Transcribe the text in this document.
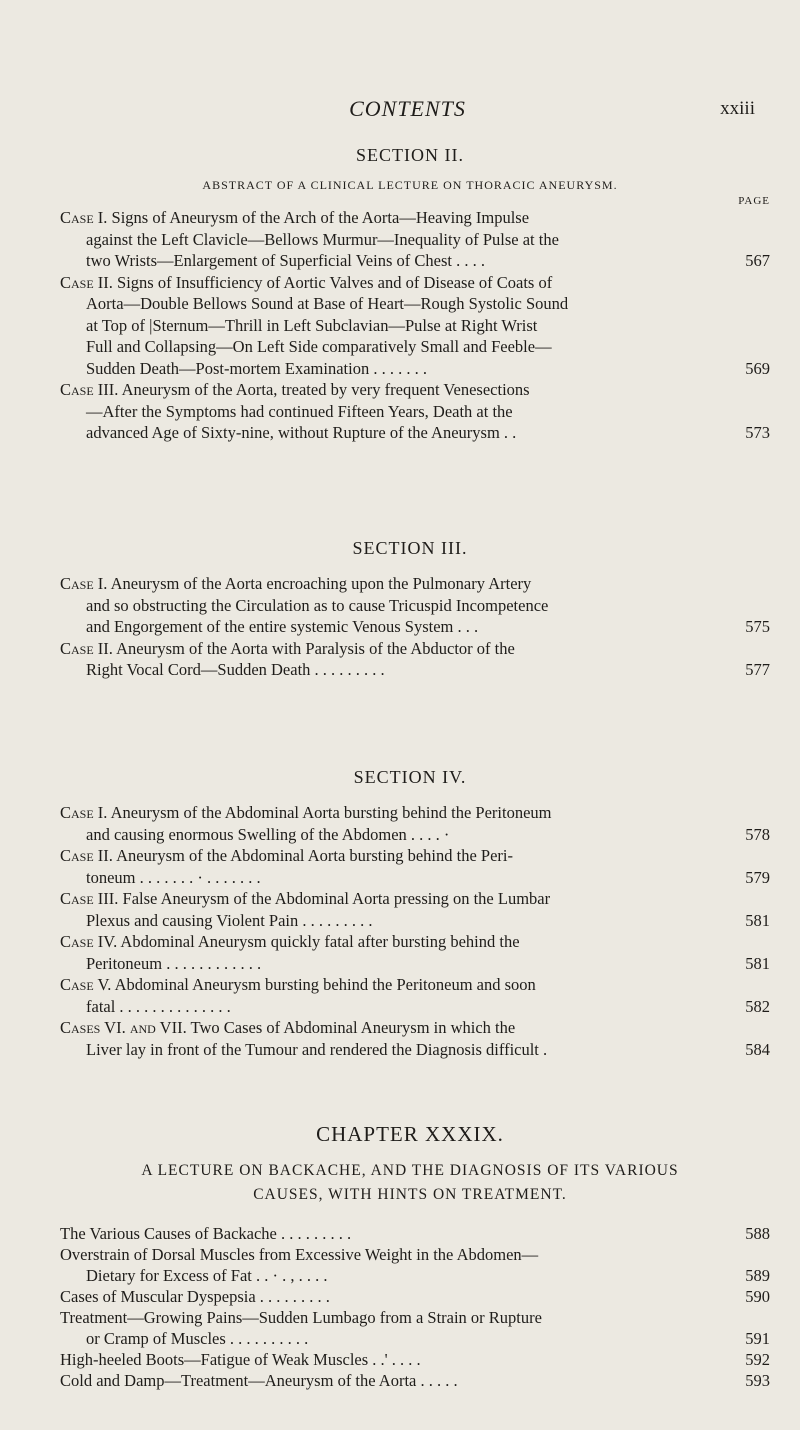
CONTENTS	xxiii
SECTION II.
ABSTRACT OF A CLINICAL LECTURE ON THORACIC ANEURYSM.
PAGE
Case I. Signs of Aneurysm of the Arch of the Aorta—Heaving Impulse
against the Left Clavicle—Bellows Murmur—Inequality of Pulse at the
two Wrists—Enlargement of Superficial Veins of Chest . . . .	567
Case II. Signs of Insufficiency of Aortic Valves and of Disease of Coats of
Aorta—Double Bellows Sound at Base of Heart—Rough Systolic Sound
at Top of |Sternum—Thrill in Left Subclavian—Pulse at Right Wrist
Full and Collapsing—On Left Side comparatively Small and Feeble—
Sudden Death—Post-mortem Examination . . . . . . .	569
Case III. Aneurysm of the Aorta, treated by very frequent Venesections
—After the Symptoms had continued Fifteen Years, Death at the
advanced Age of Sixty-nine, without Rupture of the Aneurysm . .	573
SECTION III.
Case I. Aneurysm of the Aorta encroaching upon the Pulmonary Artery
and so obstructing the Circulation as to cause Tricuspid Incompetence
and Engorgement of the entire systemic Venous System . . .	575
Case II. Aneurysm of the Aorta with Paralysis of the Abductor of the
Right Vocal Cord—Sudden Death . . . . . . . . .	577
SECTION IV.
Case I. Aneurysm of the Abdominal Aorta bursting behind the Peritoneum
and causing enormous Swelling of the Abdomen . . . . ·	578
Case II. Aneurysm of the Abdominal Aorta bursting behind the Peri-
toneum . . . . . . . · . . . . . . .	579
Case III. False Aneurysm of the Abdominal Aorta pressing on the Lumbar
Plexus and causing Violent Pain . . . . . . . . .	581
Case IV. Abdominal Aneurysm quickly fatal after bursting behind the
Peritoneum . . . . . . . . . . . .	581
Case V. Abdominal Aneurysm bursting behind the Peritoneum and soon
fatal . . . . . . . . . . . . . .	582
Cases VI. and VII. Two Cases of Abdominal Aneurysm in which the
Liver lay in front of the Tumour and rendered the Diagnosis difficult .	584
CHAPTER XXXIX.
A LECTURE ON BACKACHE, AND THE DIAGNOSIS OF ITS VARIOUS
CAUSES, WITH HINTS ON TREATMENT.
The Various Causes of Backache . . . . . . . . .	588
Overstrain of Dorsal Muscles from Excessive Weight in the Abdomen—
Dietary for Excess of Fat . . · . , . . . .	589
Cases of Muscular Dyspepsia . . . . . . . . .	590
Treatment—Growing Pains—Sudden Lumbago from a Strain or Rupture
or Cramp of Muscles . . . . . . . . . .	591
High-heeled Boots—Fatigue of Weak Muscles . .' . . . .	592
Cold and Damp—Treatment—Aneurysm of the Aorta . . . . .	593
